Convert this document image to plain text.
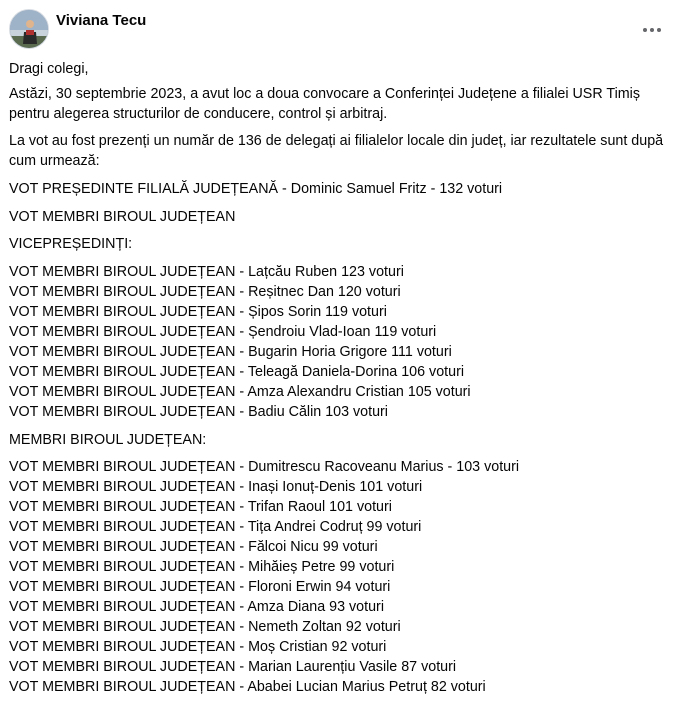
Viviana Tecu

Dragi colegi,

Astăzi, 30 septembrie 2023, a avut loc a doua convocare a Conferinței Județene a filialei USR Timiș pentru alegerea structurilor de conducere, control și arbitraj.

La vot au fost prezenți un număr de 136 de delegați ai filialelor locale din județ, iar rezultatele sunt după cum urmează:

VOT PREȘEDINTE FILIALĂ JUDEȚEANĂ - Dominic Samuel Fritz - 132 voturi

VOT MEMBRI BIROUL JUDEȚEAN

VICEPREȘEDINȚI:

VOT MEMBRI BIROUL JUDEȚEAN - Lațcău Ruben 123 voturi
VOT MEMBRI BIROUL JUDEȚEAN - Reșitnec Dan 120 voturi
VOT MEMBRI BIROUL JUDEȚEAN - Șipos Sorin 119 voturi
VOT MEMBRI BIROUL JUDEȚEAN - Șendroiu Vlad-Ioan 119 voturi
VOT MEMBRI BIROUL JUDEȚEAN - Bugarin Horia Grigore 111 voturi
VOT MEMBRI BIROUL JUDEȚEAN - Teleagă Daniela-Dorina 106 voturi
VOT MEMBRI BIROUL JUDEȚEAN - Amza Alexandru Cristian 105 voturi
VOT MEMBRI BIROUL JUDEȚEAN - Badiu Călin 103 voturi

MEMBRI BIROUL JUDEȚEAN:

VOT MEMBRI BIROUL JUDEȚEAN - Dumitrescu Racoveanu Marius - 103 voturi
VOT MEMBRI BIROUL JUDEȚEAN - Inași Ionuț-Denis 101 voturi
VOT MEMBRI BIROUL JUDEȚEAN - Trifan Raoul 101 voturi
VOT MEMBRI BIROUL JUDEȚEAN - Tița Andrei Codruț 99 voturi
VOT MEMBRI BIROUL JUDEȚEAN - Fălcoi Nicu 99 voturi
VOT MEMBRI BIROUL JUDEȚEAN - Mihăieș Petre 99 voturi
VOT MEMBRI BIROUL JUDEȚEAN - Floroni Erwin 94 voturi
VOT MEMBRI BIROUL JUDEȚEAN - Amza Diana 93 voturi
VOT MEMBRI BIROUL JUDEȚEAN - Nemeth Zoltan 92 voturi
VOT MEMBRI BIROUL JUDEȚEAN - Moș Cristian 92 voturi
VOT MEMBRI BIROUL JUDEȚEAN - Marian Laurențiu Vasile 87 voturi
VOT MEMBRI BIROUL JUDEȚEAN - Ababei Lucian Marius Petruț 82 voturi
